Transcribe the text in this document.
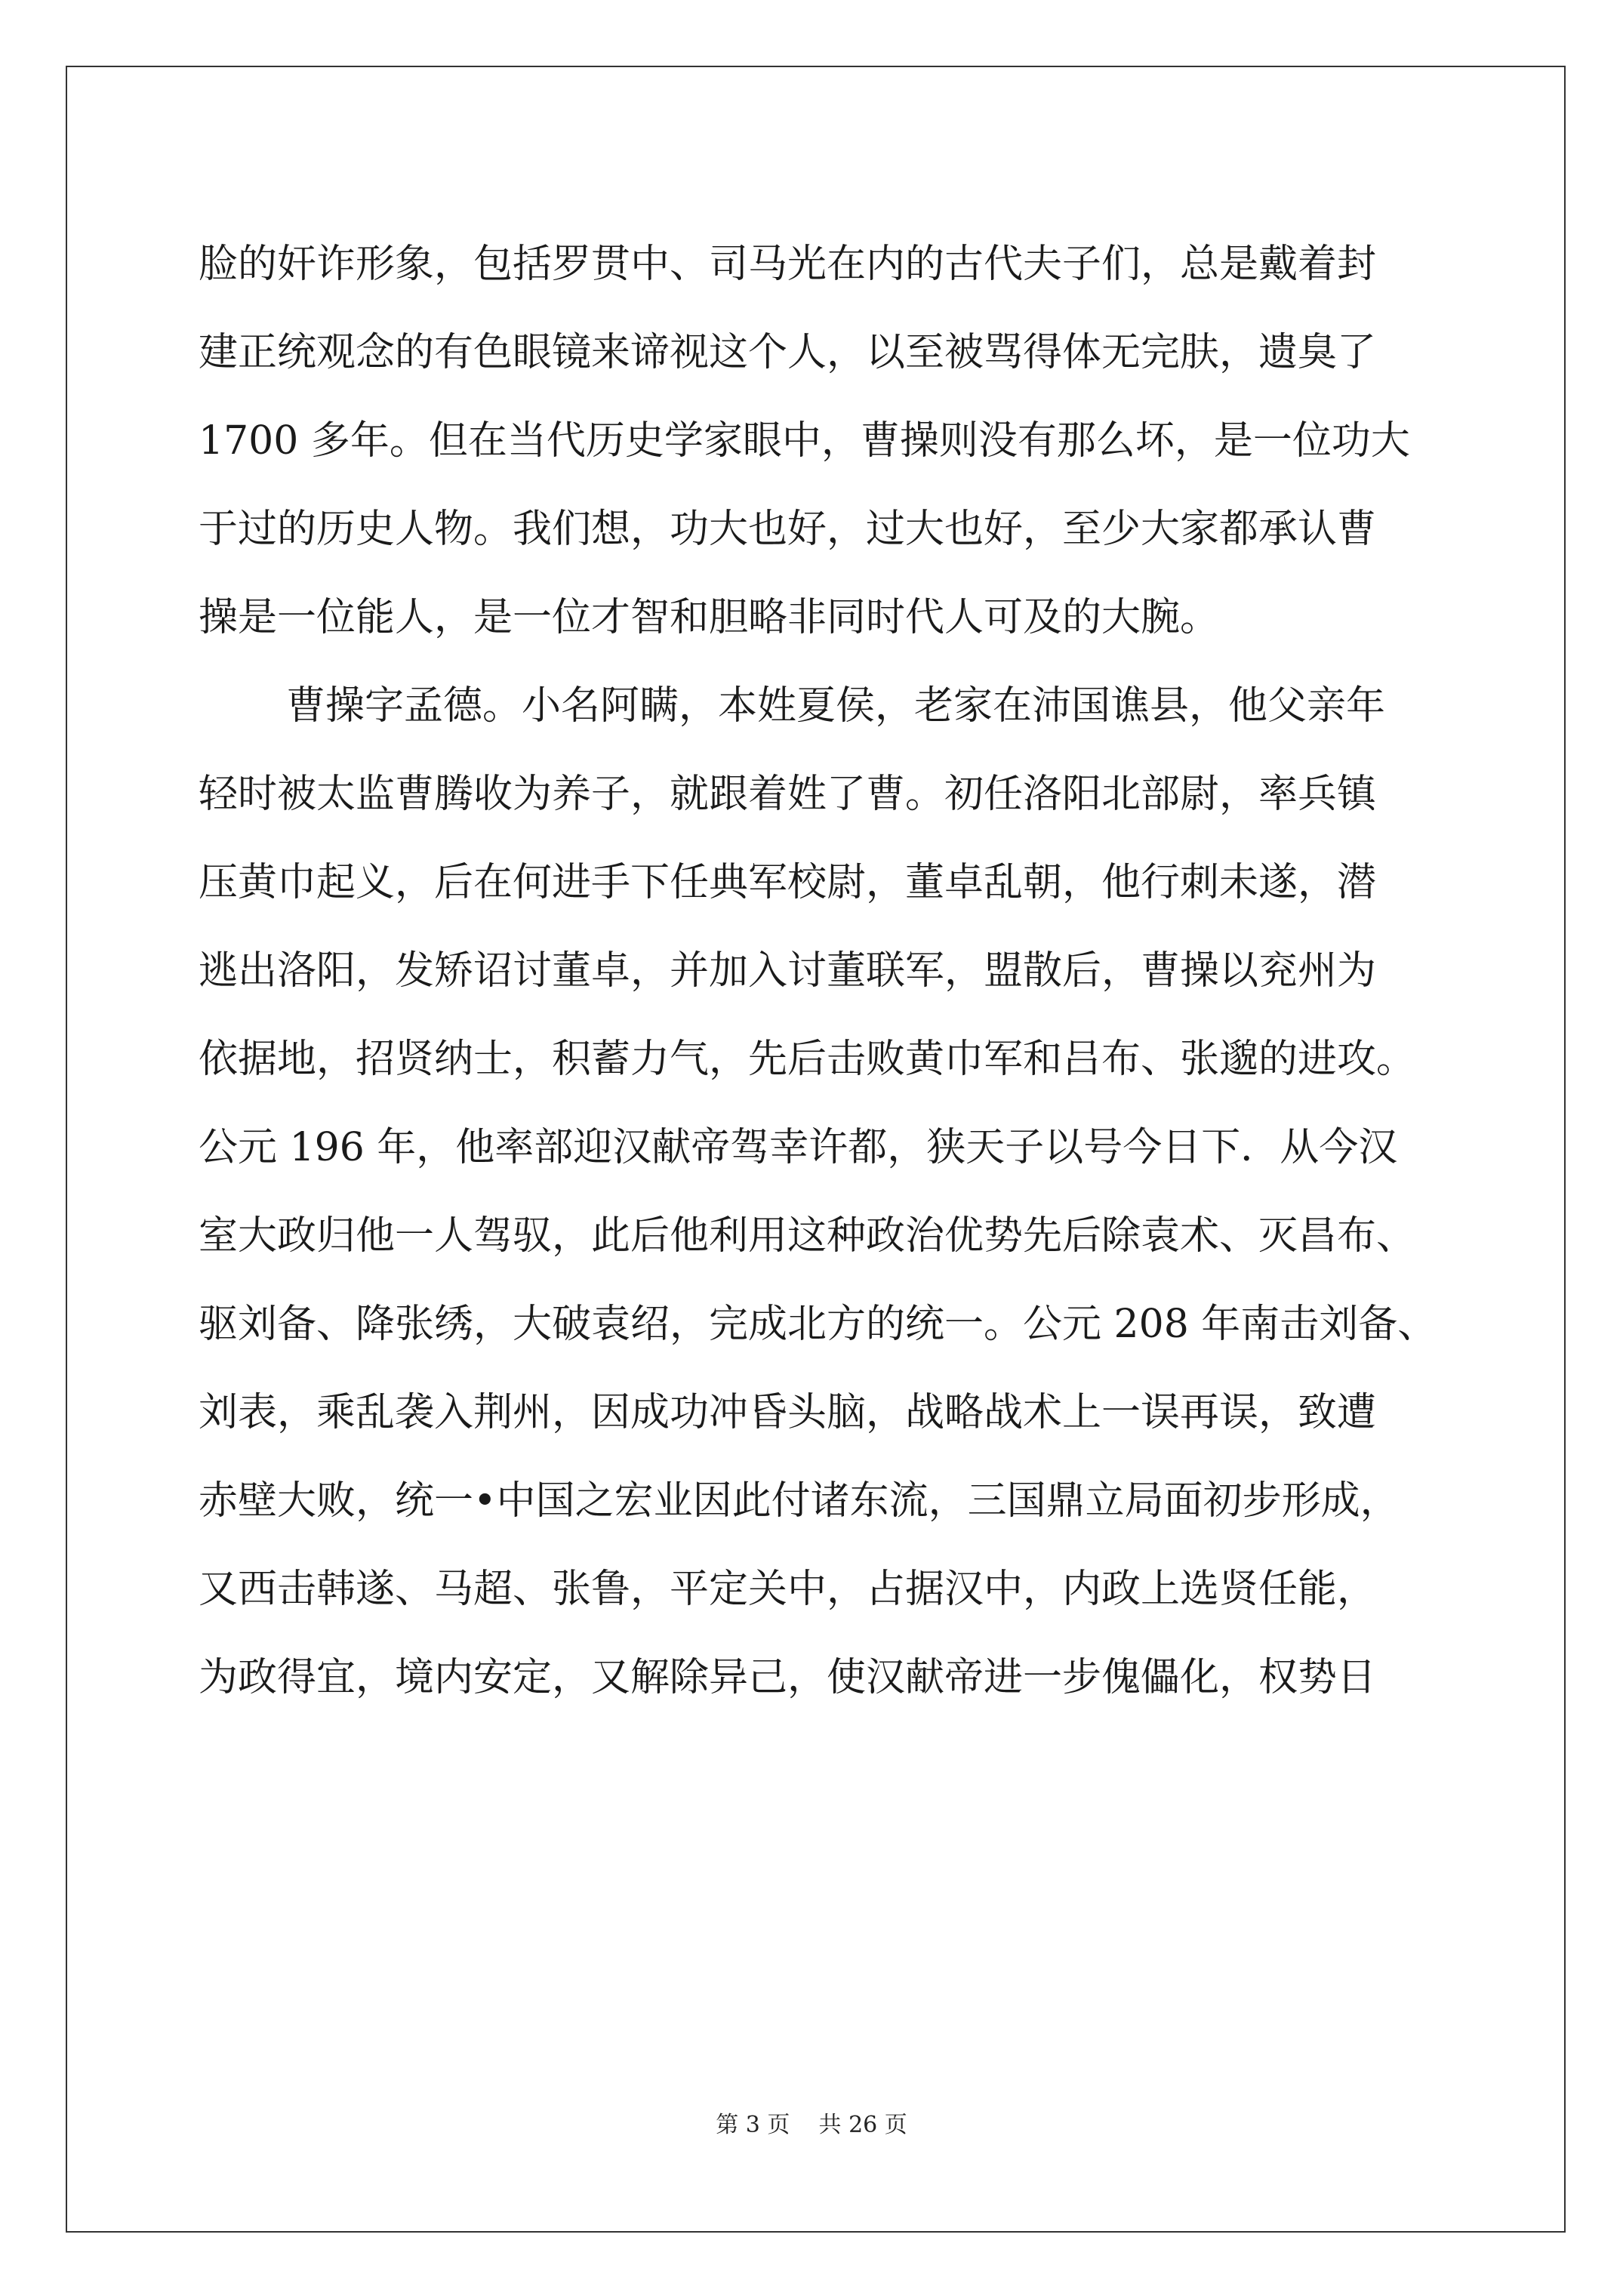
脸的奸诈形象，包括罗贯中、司马光在内的古代夫子们，总是戴着封
建正统观念的有色眼镜来谛视这个人，以至被骂得体无完肤，遗臭了
1700 多年。但在当代历史学家眼中，曹操则没有那么坏，是一位功大
于过的历史人物。我们想，功大也好，过大也好，至少大家都承认曹
操是一位能人，是一位才智和胆略非同时代人可及的大腕。
曹操字孟德。小名阿瞒，本姓夏侯，老家在沛国谯县，他父亲年
轻时被太监曹腾收为养子，就跟着姓了曹。初任洛阳北部尉，率兵镇
压黄巾起义，后在何进手下任典军校尉，董卓乱朝，他行刺未遂，潜
逃出洛阳，发矫诏讨董卓，并加入讨董联军，盟散后，曹操以兖州为
依据地，招贤纳士，积蓄力气，先后击败黄巾军和吕布、张邈的进攻。
公元 196 年，他率部迎汉献帝驾幸许都，狭天子以号今日下．从今汉
室大政归他一人驾驭，此后他利用这种政治优势先后除袁术、灭昌布、
驱刘备、降张绣，大破袁绍，完成北方的统一。公元 208 年南击刘备、
刘表，乘乱袭入荆州，因成功冲昏头脑，战略战术上一误再误，致遭
赤壁大败，统一•中国之宏业因此付诸东流，三国鼎立局面初步形成，
又西击韩遂、马超、张鲁，平定关中，占据汉中，内政上选贤任能，
为政得宜，境内安定，又解除异己，使汉献帝进一步傀儡化，权势日
第 3 页 共 26 页
